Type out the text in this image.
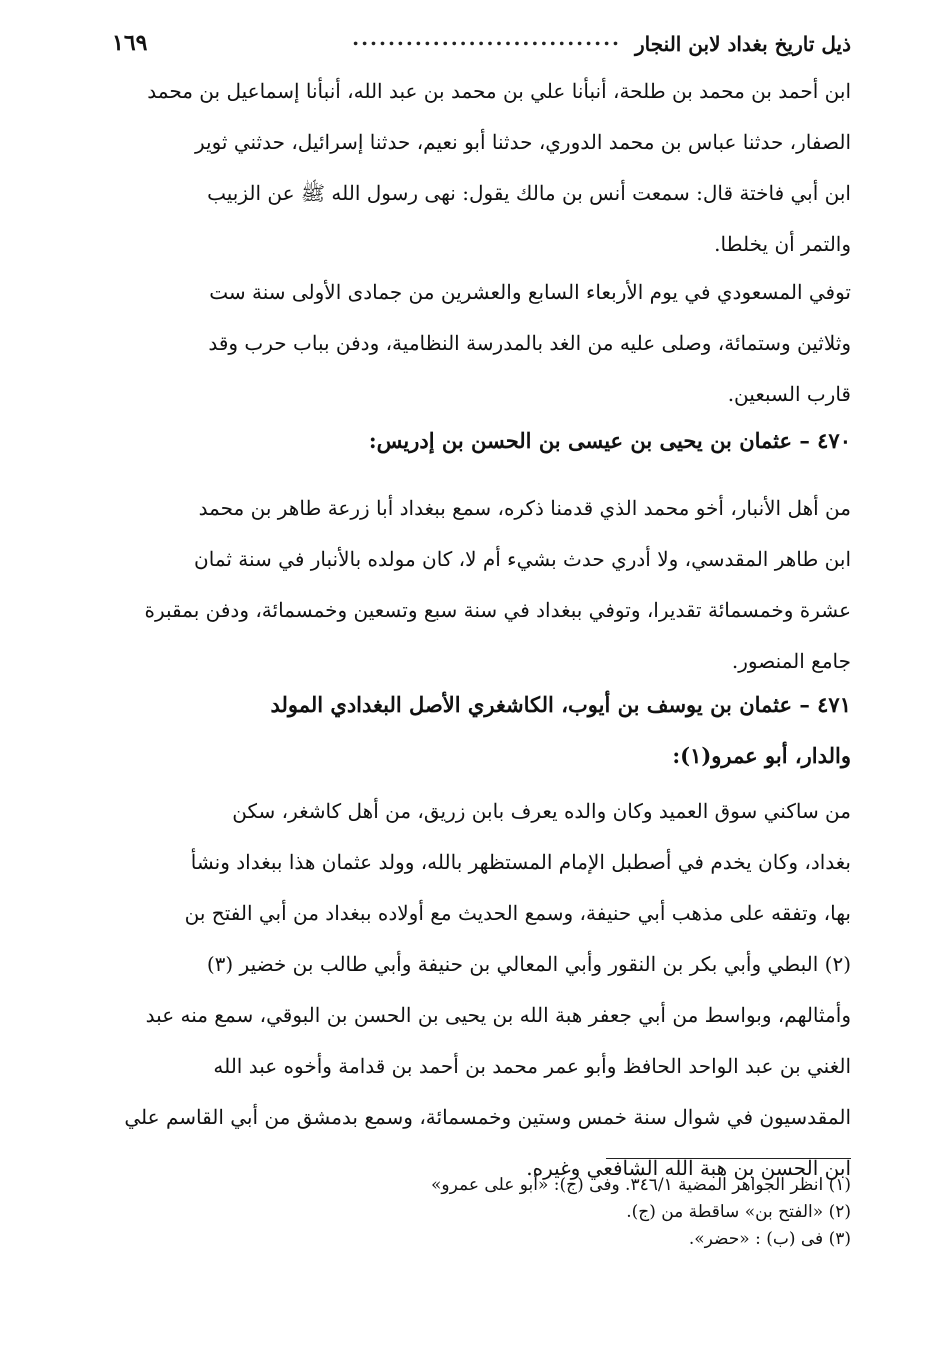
ذيل تاريخ بغداد لابن النجار
..............................
١٦٩
ابن أحمد بن محمد بن طلحة، أنبأنا علي بن محمد بن عبد الله، أنبأنا إسماعيل بن محمد
الصفار، حدثنا عباس بن محمد الدوري، حدثنا أبو نعيم، حدثنا إسرائيل، حدثني ثوير
ابن أبي فاختة قال: سمعت أنس بن مالك يقول: نهى رسول الله ﷺ عن الزبيب
والتمر أن يخلطا.
توفي المسعودي في يوم الأربعاء السابع والعشرين من جمادى الأولى سنة ست
وثلاثين وستمائة، وصلى عليه من الغد بالمدرسة النظامية، ودفن بباب حرب وقد
قارب السبعين.
٤٧٠ – عثمان بن يحيى بن عيسى بن الحسن بن إدريس:
من أهل الأنبار، أخو محمد الذي قدمنا ذكره، سمع ببغداد أبا زرعة طاهر بن محمد
ابن طاهر المقدسي، ولا أدري حدث بشيء أم لا، كان مولده بالأنبار في سنة ثمان
عشرة وخمسمائة تقديرا، وتوفي ببغداد في سنة سبع وتسعين وخمسمائة، ودفن بمقبرة
جامع المنصور.
٤٧١ – عثمان بن يوسف بن أيوب، الكاشغري الأصل البغدادي المولد
والدار، أبو عمرو(١):
من ساكني سوق العميد وكان والده يعرف بابن زريق، من أهل كاشغر، سكن
بغداد، وكان يخدم في أصطبل الإمام المستظهر بالله، وولد عثمان هذا ببغداد ونشأ
بها، وتفقه على مذهب أبي حنيفة، وسمع الحديث مع أولاده ببغداد من أبي الفتح بن
(٢) البطي وأبي بكر بن النقور وأبي المعالي بن حنيفة وأبي طالب بن خضير (٣)
وأمثالهم، وبواسط من أبي جعفر هبة الله بن يحيى بن الحسن بن البوقي، سمع منه عبد
الغني بن عبد الواحد الحافظ وأبو عمر محمد بن أحمد بن قدامة وأخوه عبد الله
المقدسيون في شوال سنة خمس وستين وخمسمائة، وسمع بدمشق من أبي القاسم علي
ابن الحسن بن هبة الله الشافعي وغيره.
(١) انظر الجواهر المضية ٣٤٦/١. وفى (ج): «أبو على عمرو»
(٢) «الفتح بن» ساقطة من (ج).
(٣) فى (ب) : «حضر».
